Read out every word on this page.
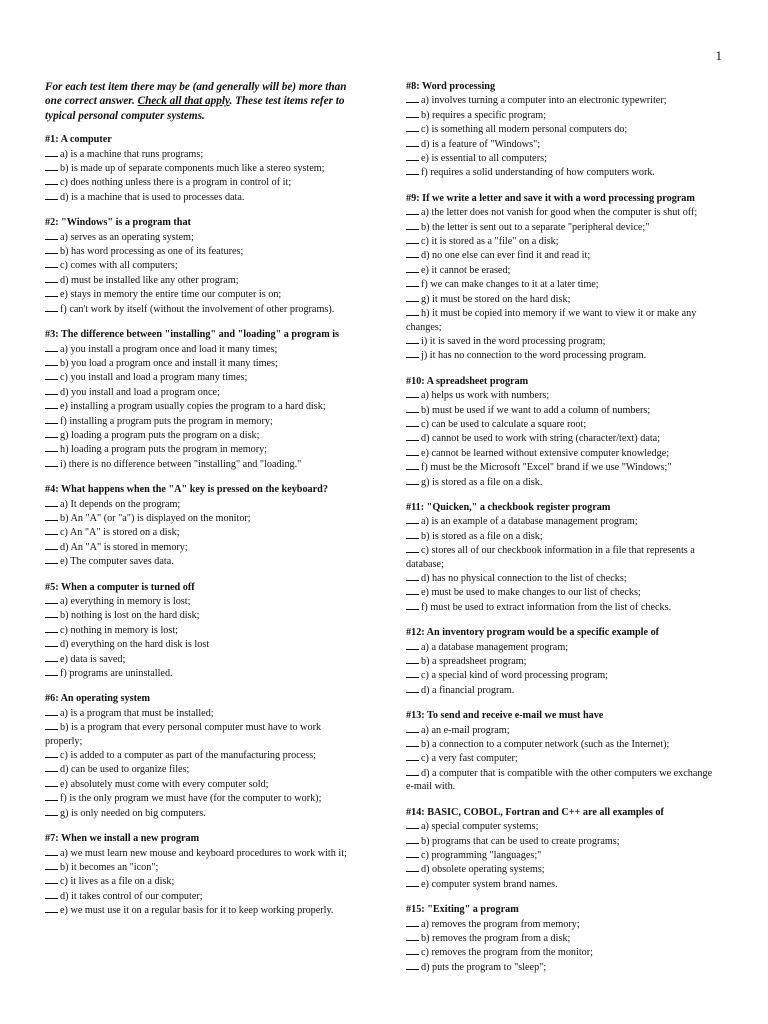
1

For each test item there may be (and generally will be) more than one correct answer. Check all that apply. These test items refer to typical personal computer systems.

#1: A computer
a) is a machine that runs programs;
b) is made up of separate components much like a stereo system;
c) does nothing unless there is a program in control of it;
d) is a machine that is used to processes data.
#2: "Windows" is a program that
a) serves as an operating system;
b) has word processing as one of its features;
c) comes with all computers;
d) must be installed like any other program;
e) stays in memory the entire time our computer is on;
f) can't work by itself (without the involvement of other programs).
#3: The difference between "installing" and "loading" a program is
a) you install a program once and load it many times;
b) you load a program once and install it many times;
c) you install and load a program many times;
d) you install and load a program once;
e) installing a program usually copies the program to a hard disk;
f) installing a program puts the program in memory;
g) loading a program puts the program on a disk;
h) loading a program puts the program in memory;
i) there is no difference between "installing" and "loading."
#4: What happens when the "A" key is pressed on the keyboard?
a) It depends on the program;
b) An "A" (or "a") is displayed on the monitor;
c) An "A" is stored on a disk;
d) An "A" is stored in memory;
e) The computer saves data.
#5: When a computer is turned off
a) everything in memory is lost;
b) nothing is lost on the hard disk;
c) nothing in memory is lost;
d) everything on the hard disk is lost
e) data is saved;
f) programs are uninstalled.
#6: An operating system
a) is a program that must be installed;
b) is a program that every personal computer must have to work properly;
c) is added to a computer as part of the manufacturing process;
d) can be used to organize files;
e) absolutely must come with every computer sold;
f) is the only program we must have (for the computer to work);
g) is only needed on big computers.
#7: When we install a new program
a) we must learn new mouse and keyboard procedures to work with it;
b) it becomes an "icon";
c) it lives as a file on a disk;
d) it takes control of our computer;
e) we must use it on a regular basis for it to keep working properly.
#8: Word processing
a) involves turning a computer into an electronic typewriter;
b) requires a specific program;
c) is something all modern personal computers do;
d) is a feature of "Windows";
e) is essential to all computers;
f) requires a solid understanding of how computers work.
#9: If we write a letter and save it with a word processing program
a) the letter does not vanish for good when the computer is shut off;
b) the letter is sent out to a separate "peripheral device;"
c) it is stored as a "file" on a disk;
d) no one else can ever find it and read it;
e) it cannot be erased;
f) we can make changes to it at a later time;
g) it must be stored on the hard disk;
h) it must be copied into memory if we want to view it or make any changes;
i) it is saved in the word processing program;
j) it has no connection to the word processing program.
#10: A spreadsheet program
a) helps us work with numbers;
b) must be used if we want to add a column of numbers;
c) can be used to calculate a square root;
d) cannot be used to work with string (character/text) data;
e) cannot be learned without extensive computer knowledge;
f) must be the Microsoft "Excel" brand if we use "Windows;"
g) is stored as a file on a disk.
#11: "Quicken," a checkbook register program
a) is an example of a database management program;
b) is stored as a file on a disk;
c) stores all of our checkbook information in a file that represents a database;
d) has no physical connection to the list of checks;
e) must be used to make changes to our list of checks;
f) must be used to extract information from the list of checks.
#12: An inventory program would be a specific example of
a) a database management program;
b) a spreadsheet program;
c) a special kind of word processing program;
d) a financial program.
#13: To send and receive e-mail we must have
a) an e-mail program;
b) a connection to a computer network (such as the Internet);
c) a very fast computer;
d) a computer that is compatible with the other computers we exchange e-mail with.
#14: BASIC, COBOL, Fortran and C++ are all examples of
a) special computer systems;
b) programs that can be used to create programs;
c) programming "languages;"
d) obsolete operating systems;
e) computer system brand names.
#15: "Exiting" a program
a) removes the program from memory;
b) removes the program from a disk;
c) removes the program from the monitor;
d) puts the program to "sleep";
